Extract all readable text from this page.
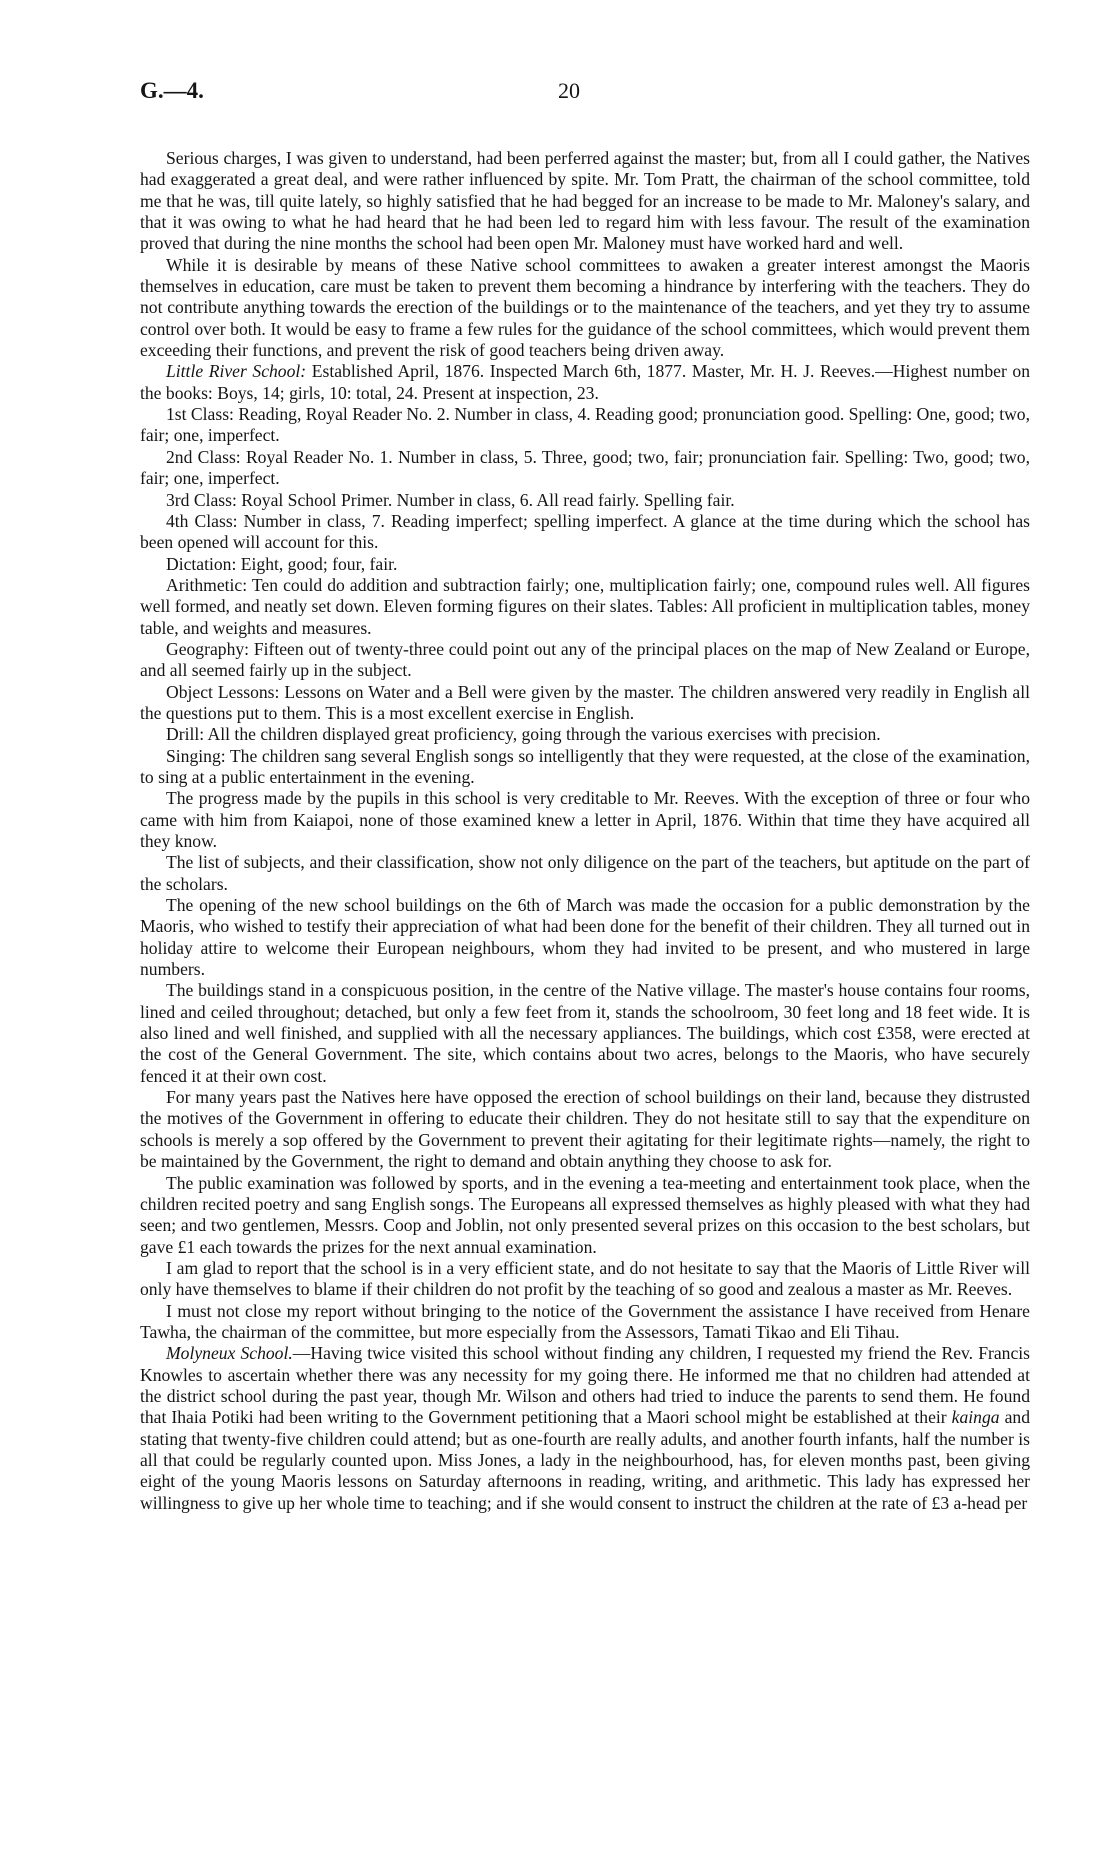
G.—4.	20

Serious charges, I was given to understand, had been perferred against the master; but, from all I could gather, the Natives had exaggerated a great deal, and were rather influenced by spite. Mr. Tom Pratt, the chairman of the school committee, told me that he was, till quite lately, so highly satisfied that he had begged for an increase to be made to Mr. Maloney's salary, and that it was owing to what he had heard that he had been led to regard him with less favour. The result of the examination proved that during the nine months the school had been open Mr. Maloney must have worked hard and well.

While it is desirable by means of these Native school committees to awaken a greater interest amongst the Maoris themselves in education, care must be taken to prevent them becoming a hindrance by interfering with the teachers. They do not contribute anything towards the erection of the buildings or to the maintenance of the teachers, and yet they try to assume control over both. It would be easy to frame a few rules for the guidance of the school committees, which would prevent them exceeding their functions, and prevent the risk of good teachers being driven away.

Little River School: Established April, 1876. Inspected March 6th, 1877. Master, Mr. H. J. Reeves.—Highest number on the books: Boys, 14; girls, 10: total, 24. Present at inspection, 23.

1st Class: Reading, Royal Reader No. 2. Number in class, 4. Reading good; pronunciation good. Spelling: One, good; two, fair; one, imperfect.

2nd Class: Royal Reader No. 1. Number in class, 5. Three, good; two, fair; pronunciation fair. Spelling: Two, good; two, fair; one, imperfect.

3rd Class: Royal School Primer. Number in class, 6. All read fairly. Spelling fair.

4th Class: Number in class, 7. Reading imperfect; spelling imperfect. A glance at the time during which the school has been opened will account for this.

Dictation: Eight, good; four, fair.

Arithmetic: Ten could do addition and subtraction fairly; one, multiplication fairly; one, compound rules well. All figures well formed, and neatly set down. Eleven forming figures on their slates. Tables: All proficient in multiplication tables, money table, and weights and measures.

Geography: Fifteen out of twenty-three could point out any of the principal places on the map of New Zealand or Europe, and all seemed fairly up in the subject.

Object Lessons: Lessons on Water and a Bell were given by the master. The children answered very readily in English all the questions put to them. This is a most excellent exercise in English.

Drill: All the children displayed great proficiency, going through the various exercises with precision.

Singing: The children sang several English songs so intelligently that they were requested, at the close of the examination, to sing at a public entertainment in the evening.

The progress made by the pupils in this school is very creditable to Mr. Reeves. With the exception of three or four who came with him from Kaiapoi, none of those examined knew a letter in April, 1876. Within that time they have acquired all they know.

The list of subjects, and their classification, show not only diligence on the part of the teachers, but aptitude on the part of the scholars.

The opening of the new school buildings on the 6th of March was made the occasion for a public demonstration by the Maoris, who wished to testify their appreciation of what had been done for the benefit of their children. They all turned out in holiday attire to welcome their European neighbours, whom they had invited to be present, and who mustered in large numbers.

The buildings stand in a conspicuous position, in the centre of the Native village. The master's house contains four rooms, lined and ceiled throughout; detached, but only a few feet from it, stands the schoolroom, 30 feet long and 18 feet wide. It is also lined and well finished, and supplied with all the necessary appliances. The buildings, which cost £358, were erected at the cost of the General Government. The site, which contains about two acres, belongs to the Maoris, who have securely fenced it at their own cost.

For many years past the Natives here have opposed the erection of school buildings on their land, because they distrusted the motives of the Government in offering to educate their children. They do not hesitate still to say that the expenditure on schools is merely a sop offered by the Government to prevent their agitating for their legitimate rights—namely, the right to be maintained by the Government, the right to demand and obtain anything they choose to ask for.

The public examination was followed by sports, and in the evening a tea-meeting and entertainment took place, when the children recited poetry and sang English songs. The Europeans all expressed themselves as highly pleased with what they had seen; and two gentlemen, Messrs. Coop and Joblin, not only presented several prizes on this occasion to the best scholars, but gave £1 each towards the prizes for the next annual examination.

I am glad to report that the school is in a very efficient state, and do not hesitate to say that the Maoris of Little River will only have themselves to blame if their children do not profit by the teaching of so good and zealous a master as Mr. Reeves.

I must not close my report without bringing to the notice of the Government the assistance I have received from Henare Tawha, the chairman of the committee, but more especially from the Assessors, Tamati Tikao and Eli Tihau.

Molyneux School.—Having twice visited this school without finding any children, I requested my friend the Rev. Francis Knowles to ascertain whether there was any necessity for my going there. He informed me that no children had attended at the district school during the past year, though Mr. Wilson and others had tried to induce the parents to send them. He found that Ihaia Potiki had been writing to the Government petitioning that a Maori school might be established at their kainga and stating that twenty-five children could attend; but as one-fourth are really adults, and another fourth infants, half the number is all that could be regularly counted upon. Miss Jones, a lady in the neighbourhood, has, for eleven months past, been giving eight of the young Maoris lessons on Saturday afternoons in reading, writing, and arithmetic. This lady has expressed her willingness to give up her whole time to teaching; and if she would consent to instruct the children at the rate of £3 a-head per
